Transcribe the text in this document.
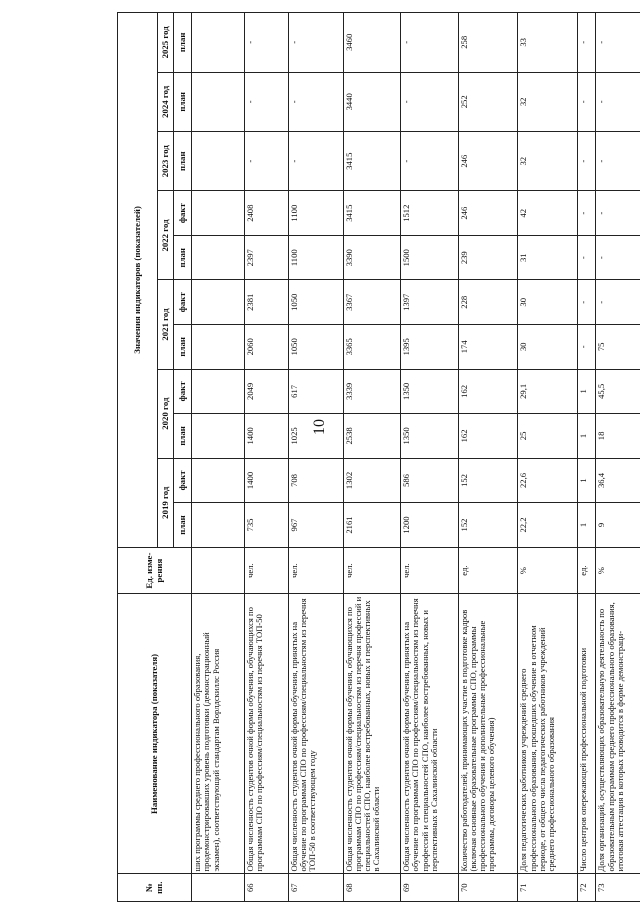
10
№ пп.	Наименование индикатора (показателя)	Ед. изме- рения	Значения индикаторов (показателей)										
			2019 год		2020 год		2021 год		2022 год		2023 год	2024 год	2025 год
			план	факт	план	факт	план	факт	план	факт	план	план	план
	ших программы среднего профессионального образования, продемонстрировавших уровень подготовки (демонстрационный экзамен), соответствующий стандартам Ворлдскиллс Россия												
66	Общая численность студентов очной формы обучения, обучающихся по программам СПО по профессиям/специальностям из перечня ТОП-50	чел.	735	1400	1400	2049	2060	2381	2397	2408	-	-	-
67	Общая численность студентов очной формы обучения, принятых на обучение по программам СПО по профессиям/специальностям из перечня ТОП-50 в соответствующем году	чел.	967	708	1025	617	1050	1050	1100	1100	-	-	-
68	Общая численность студентов очной формы обучения, обучающихся по программам СПО по профессиям/специальностям из перечня профессий и специальностей СПО, наиболее востребованных, новых и перспективных в Сахалинской области	чел.	2161	1302	2538	3339	3365	3367	3390	3415	3415	3440	3460
69	Общая численность студентов очной формы обучения, принятых на обучение по программам СПО по профессиям/специальностям из перечня профессий и специальностей СПО, наиболее востребованных, новых и перспективных в Сахалинской области	чел.	1200	586	1350	1350	1395	1397	1500	1512	-	-	-
70	Количество работодателей, принимающих участие в подготовке кадров (включая основные образовательные программы СПО, программы профессионального обучения и дополнительные профессиональные программы, договоры целевого обучения)	ед.	152	152	162	162	174	228	239	246	246	252	258
71	Доля педагогических работников учреждений среднего профессионального образования, прошедших обучение в отчетном периоде, от общего числа педагогических работников учреждений среднего профессионального образования	%	22,2	22,6	25	29,1	30	30	31	42	32	32	33
72	Число центров опережающей профессиональной подготовки	ед.	1	1	1	1	-	-	-	-	-	-	-
73	Доля организаций, осуществляющих образовательную деятельность по образовательным программам среднего профессионального образования, итоговая аттестация в которых проводится в форме демонстраци-	%	9	36,4	18	45,5	75	-	-	-	-	-	-
